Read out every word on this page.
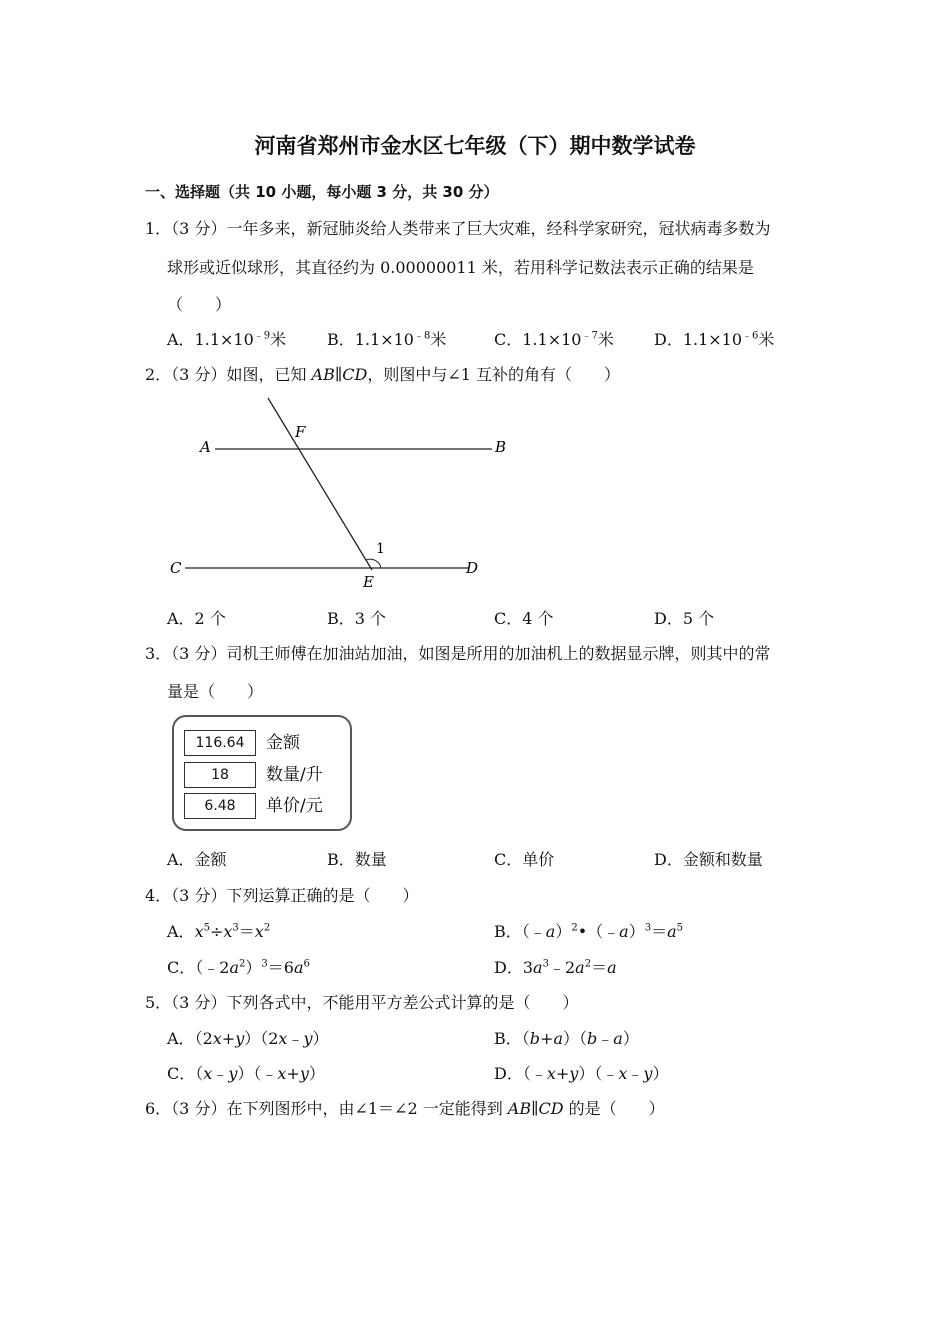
河南省郑州市金水区七年级（下）期中数学试卷
一、选择题（共 10 小题，每小题 3 分，共 30 分）
1．（3 分）一年多来，新冠肺炎给人类带来了巨大灾难，经科学家研究，冠状病毒多数为
球形或近似球形，其直径约为 0.00000011 米，若用科学记数法表示正确的结果是
（　　）
A．$1.1\times 10^{﹣9}$米	B．$1.1\times 10^{﹣8}$米	C．$1.1\times 10^{﹣7}$米	D．$1.1\times 10^{﹣6}$米
2．（3 分）如图，已知 AB∥CD，则图中与∠1 互补的角有（　　）
A	B
C	D
E
F
1
A．2 个	B．3 个	C．4 个	D．5 个
3．（3 分）司机王师傅在加油站加油，如图是所用的加油机上的数据显示牌，则其中的常
量是（　　）
116.64	金额
18	数量/升
6.48	单价/元
A．金额	B．数量	C．单价	D．金额和数量
4．（3 分）下列运算正确的是（　　）
A．$x^5\div x^3=x^2$	B．$(﹣a)^2•(﹣a)^3=a^5$
C．$(﹣2a^2)^3=6a^6$	D．$3a^3﹣2a^2=a$
5．（3 分）下列各式中，不能用平方差公式计算的是（　　）
A．（2x+y）（2x﹣y）	B．（b+a）（b﹣a）
C．（x﹣y）（﹣x+y）	D．（﹣x+y）（﹣x﹣y）
6．（3 分）在下列图形中，由∠1＝∠2 一定能得到 AB∥CD 的是（　　）
